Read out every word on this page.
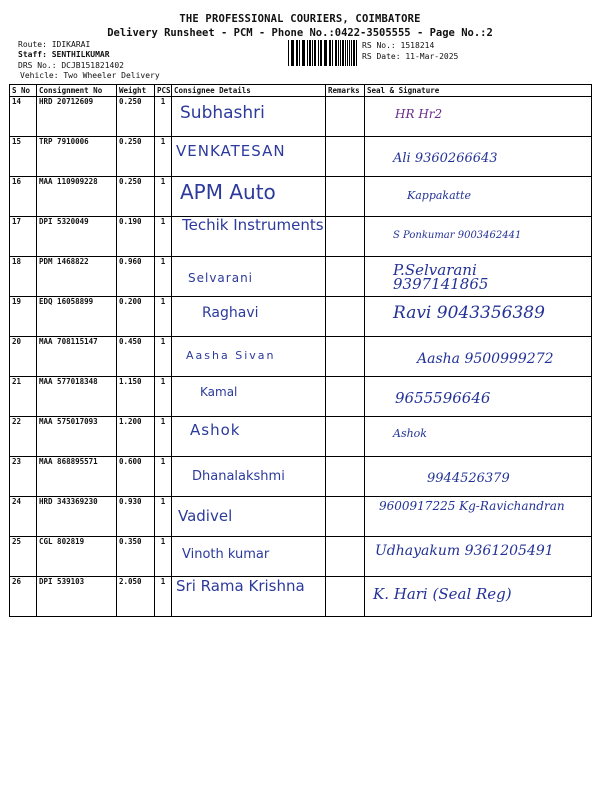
THE PROFESSIONAL COURIERS, COIMBATORE
Delivery Runsheet - PCM - Phone No.:0422-3505555 - Page No.:2
Route: IDIKARAI
Staff: SENTHILKUMAR
DRS No.: DCJB151821402
Vehicle: Two Wheeler Delivery
RS No.: 1518214
RS Date: 11-Mar-2025
S No	Consignment No	Weight	PCS	Consignee Details	Remarks	Seal & Signature
14	HRD 20712609	0.250	1	Subhashri		HR Hr2

15	TRP 7910006	0.250	1	VENKATESAN		Ali 9360266643

16	MAA 110909228	0.250	1	APM Auto		Kappakatte

17	DPI 5320049	0.190	1	Techik Instruments		S Ponkumar 9003462441

18	PDM 1468822	0.960	1	Selvarani		P.Selvarani 9397141865

19	EDQ 16058899	0.200	1	Raghavi		Ravi 9043356389

20	MAA 708115147	0.450	1	Aasha Sivan		Aasha 9500999272

21	MAA 577018348	1.150	1	Kamal		9655596646

22	MAA 575017093	1.200	1	Ashok		Ashok

23	MAA 868895571	0.600	1	Dhanalakshmi		9944526379

24	HRD 343369230	0.930	1	Vadivel		9600917225 Kg-Ravichandran

25	CGL 802819	0.350	1	Vinoth kumar		Udhayakum 9361205491

26	DPI 539103	2.050	1	Sri Rama Krishna		K. Hari (Seal Reg)
